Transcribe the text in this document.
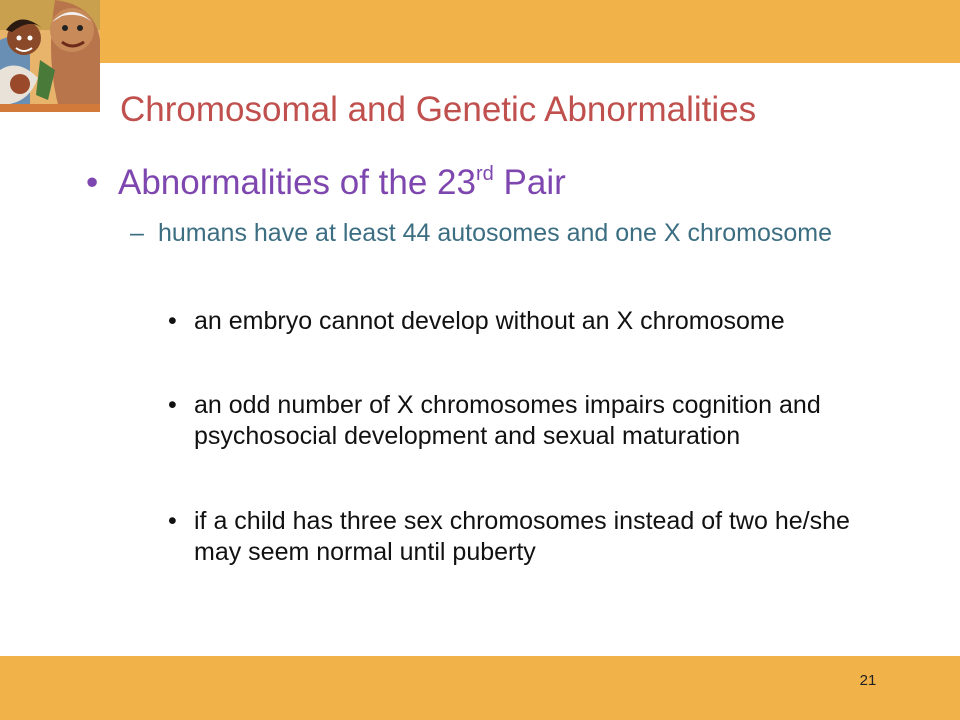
Chromosomal and Genetic Abnormalities
• Abnormalities of the 23rd Pair
– humans have at least 44 autosomes and one X chromosome
• an embryo cannot develop without an X chromosome
• an odd number of X chromosomes impairs cognition and psychosocial development and sexual maturation
• if a child has three sex chromosomes instead of two he/she may seem normal until puberty
21
